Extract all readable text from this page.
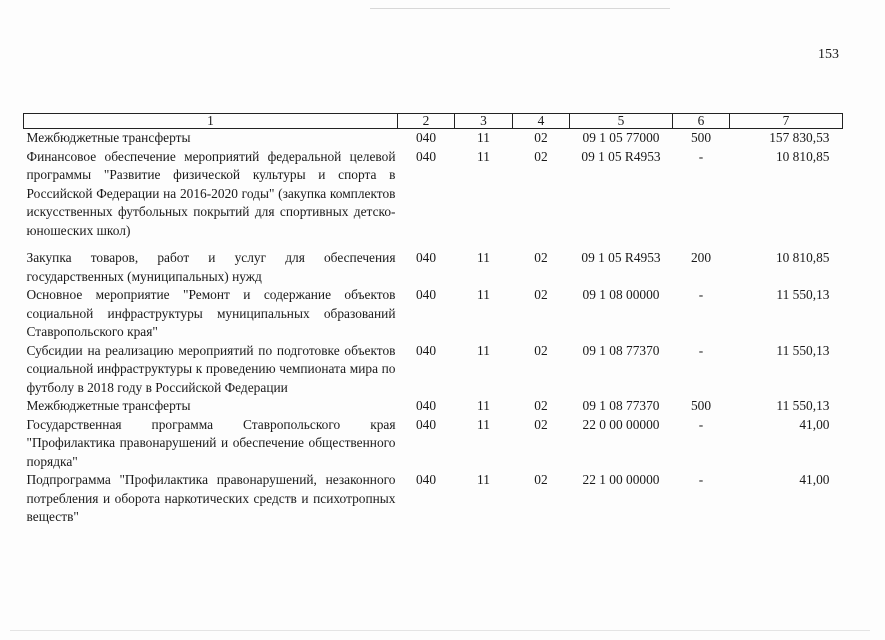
153
1	2	3	4	5	6	7
Межбюджетные трансферты	040	11	02	09 1 05 77000	500	157 830,53
Финансовое обеспечение мероприятий федеральной целевой программы "Развитие физической культуры и спорта в Российской Федерации на 2016-2020 годы" (закупка комплектов искусственных футбольных покрытий для спортивных детско-юношеских школ)	040	11	02	09 1 05 R4953	-	10 810,85
Закупка товаров, работ и услуг для обеспечения государственных (муниципальных) нужд	040	11	02	09 1 05 R4953	200	10 810,85
Основное мероприятие "Ремонт и содержание объектов социальной инфраструктуры муниципальных образований Ставропольского края"	040	11	02	09 1 08 00000	-	11 550,13
Субсидии на реализацию мероприятий по подготовке объектов социальной инфраструктуры к проведению чемпионата мира по футболу в 2018 году в Российской Федерации	040	11	02	09 1 08 77370	-	11 550,13
Межбюджетные трансферты	040	11	02	09 1 08 77370	500	11 550,13
Государственная программа Ставропольского края "Профилактика правонарушений и обеспечение общественного порядка"	040	11	02	22 0 00 00000	-	41,00
Подпрограмма "Профилактика правонарушений, незаконного потребления и оборота наркотических средств и психотропных веществ"	040	11	02	22 1 00 00000	-	41,00
